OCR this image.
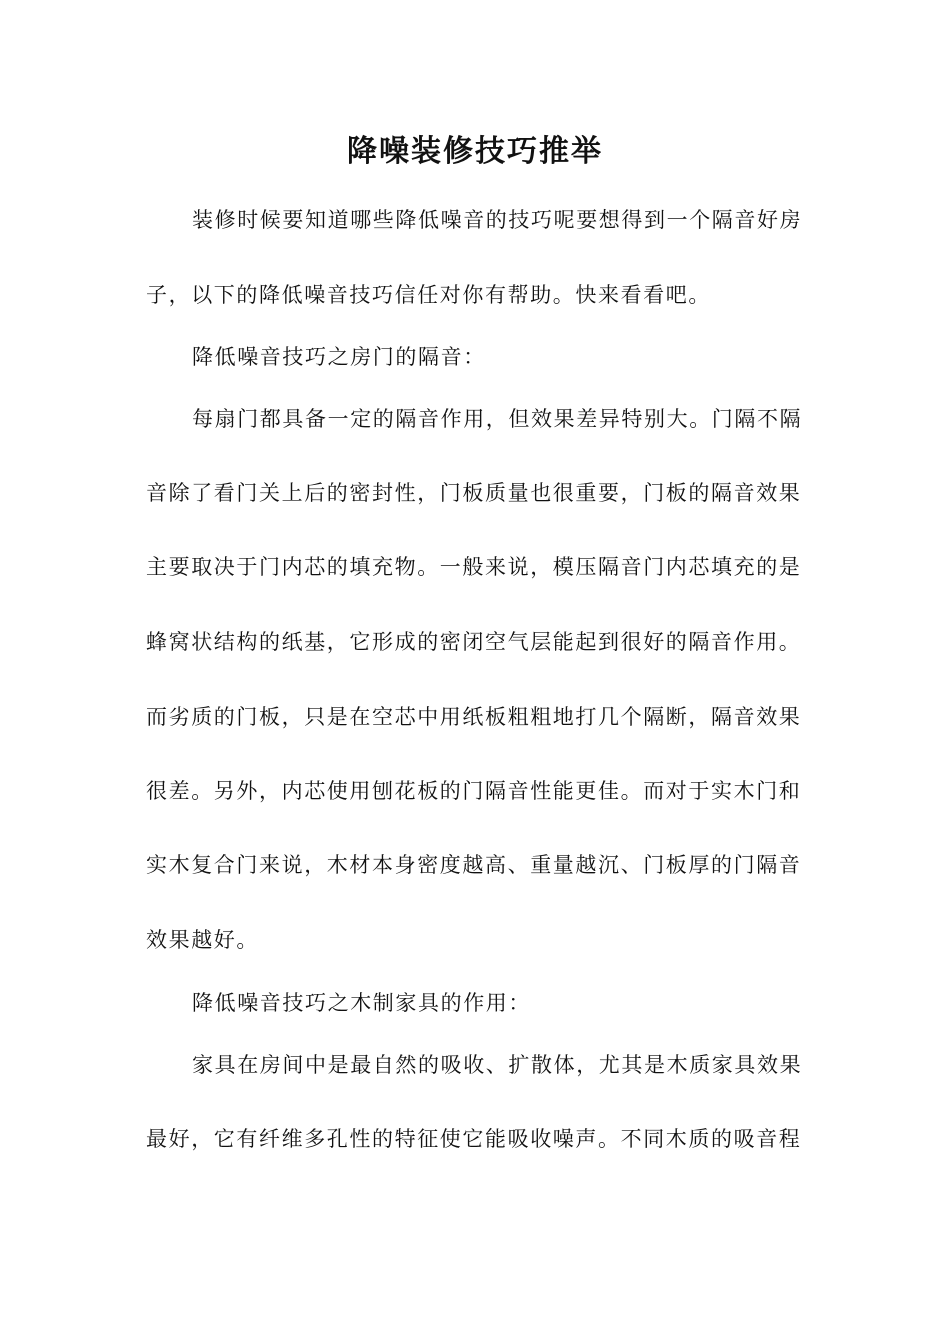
降噪装修技巧推举
装修时候要知道哪些降低噪音的技巧呢要想得到一个隔音好房
子，以下的降低噪音技巧信任对你有帮助。快来看看吧。
降低噪音技巧之房门的隔音：
每扇门都具备一定的隔音作用，但效果差异特别大。门隔不隔
音除了看门关上后的密封性，门板质量也很重要，门板的隔音效果
主要取决于门内芯的填充物。一般来说，模压隔音门内芯填充的是
蜂窝状结构的纸基，它形成的密闭空气层能起到很好的隔音作用。
而劣质的门板，只是在空芯中用纸板粗粗地打几个隔断，隔音效果
很差。另外，内芯使用刨花板的门隔音性能更佳。而对于实木门和
实木复合门来说，木材本身密度越高、重量越沉、门板厚的门隔音
效果越好。
降低噪音技巧之木制家具的作用：
家具在房间中是最自然的吸收、扩散体，尤其是木质家具效果
最好，它有纤维多孔性的特征使它能吸收噪声。不同木质的吸音程
